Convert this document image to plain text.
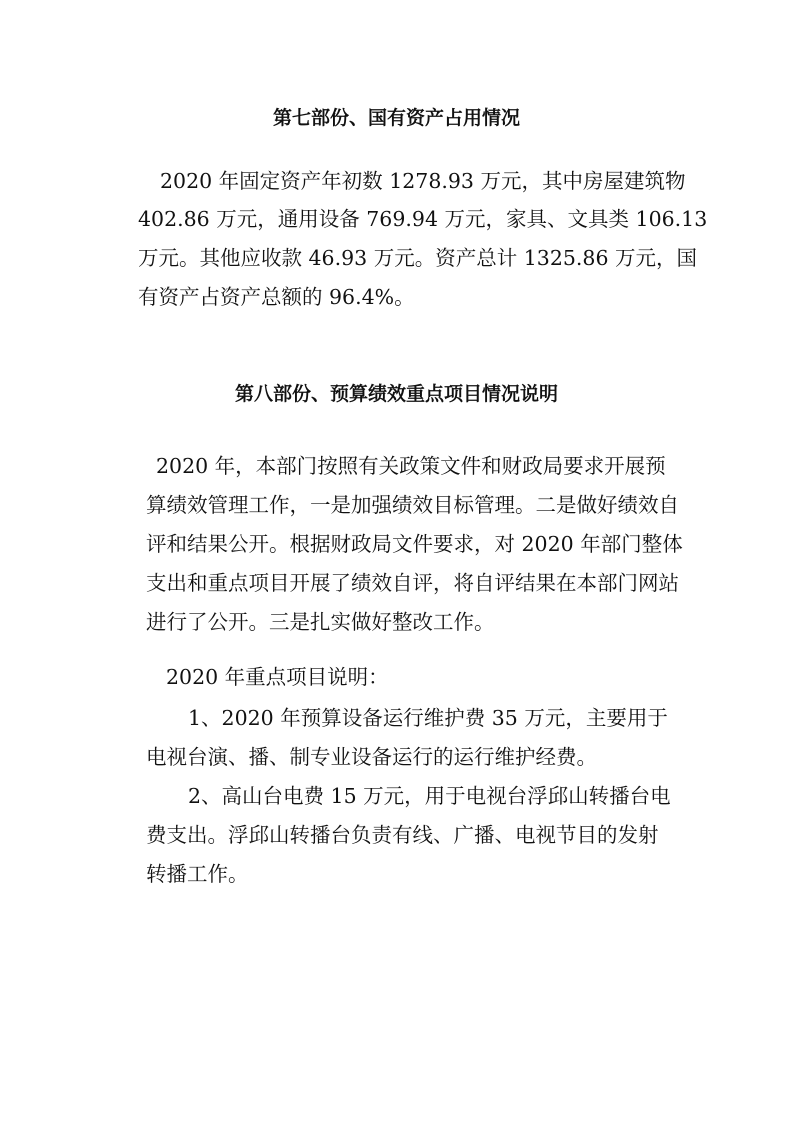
第七部份、国有资产占用情况
2020 年固定资产年初数 1278.93 万元，其中房屋建筑物
402.86 万元，通用设备 769.94 万元，家具、文具类 106.13
万元。其他应收款 46.93 万元。资产总计 1325.86 万元，国
有资产占资产总额的 96.4%。
第八部份、预算绩效重点项目情况说明
2020 年，本部门按照有关政策文件和财政局要求开展预
算绩效管理工作，一是加强绩效目标管理。二是做好绩效自
评和结果公开。根据财政局文件要求，对 2020 年部门整体
支出和重点项目开展了绩效自评，将自评结果在本部门网站
进行了公开。三是扎实做好整改工作。
2020 年重点项目说明：
1、2020 年预算设备运行维护费 35 万元，主要用于
电视台演、播、制专业设备运行的运行维护经费。
2、高山台电费 15 万元，用于电视台浮邱山转播台电
费支出。浮邱山转播台负责有线、广播、电视节目的发射
转播工作。
